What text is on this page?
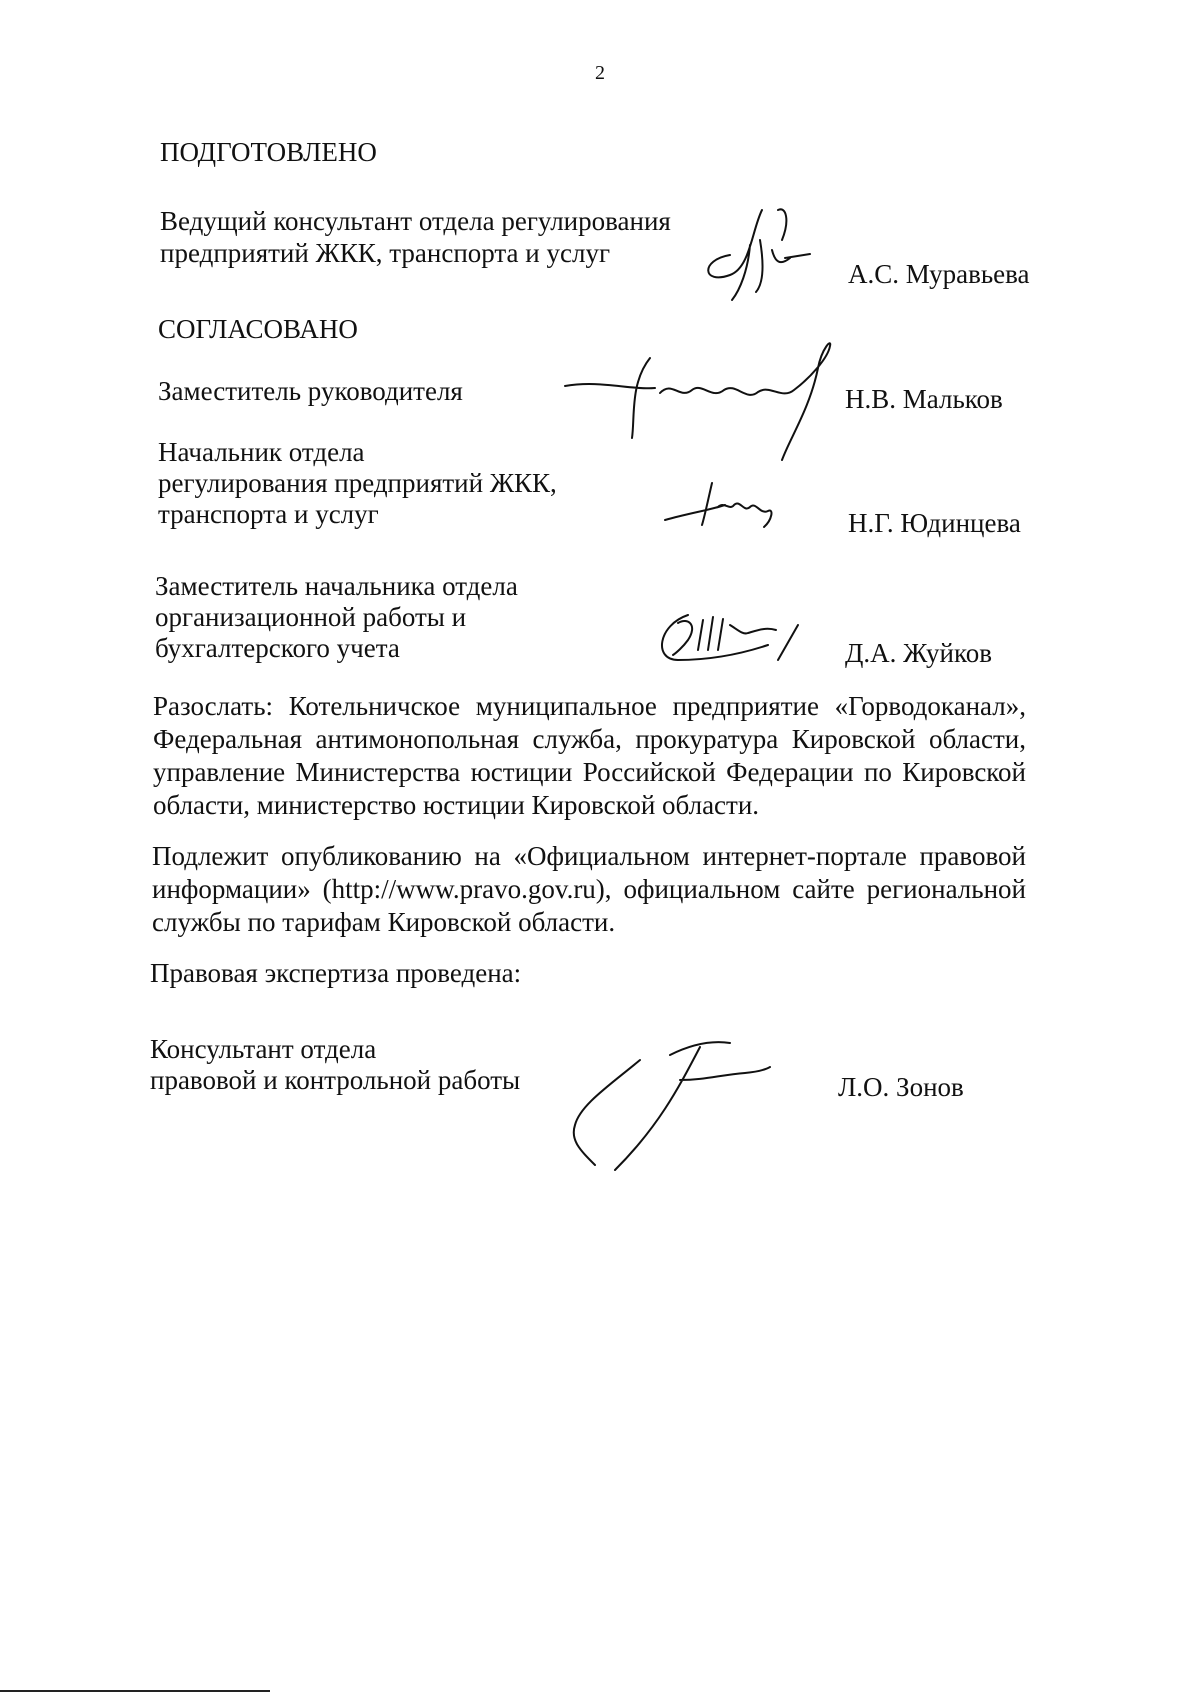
2
ПОДГОТОВЛЕНО
Ведущий консультант отдела регулирования
предприятий ЖКК, транспорта и услуг
А.С. Муравьева
СОГЛАСОВАНО
Заместитель руководителя	Н.В. Мальков
Начальник отдела
регулирования предприятий ЖКК,
транспорта и услуг	Н.Г. Юдинцева
Заместитель начальника отдела
организационной работы и
бухгалтерского учета	Д.А. Жуйков
Разослать: Котельничское муниципальное предприятие «Горводоканал», Федеральная антимонопольная служба, прокуратура Кировской области, управление Министерства юстиции Российской Федерации по Кировской области, министерство юстиции Кировской области.
Подлежит опубликованию на «Официальном интернет-портале правовой информации» (http://www.pravo.gov.ru), официальном сайте региональной службы по тарифам Кировской области.
Правовая экспертиза проведена:
Консультант отдела
правовой и контрольной работы	Л.О. Зонов
